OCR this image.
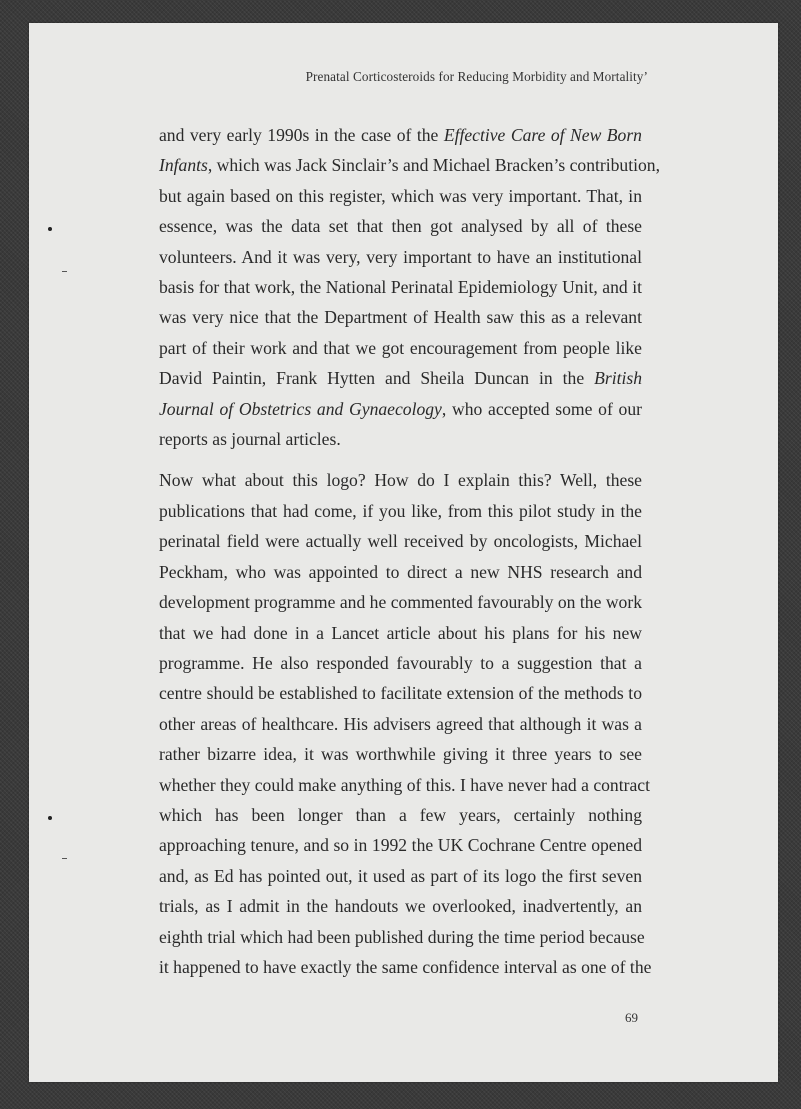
Prenatal Corticosteroids for Reducing Morbidity and Mortality’
and very early 1990s in the case of the Effective Care of New Born
Infants, which was Jack Sinclair’s and Michael Bracken’s contribution,
but again based on this register, which was very important. That, in
essence, was the data set that then got analysed by all of these
volunteers. And it was very, very important to have an institutional
basis for that work, the National Perinatal Epidemiology Unit, and it
was very nice that the Department of Health saw this as a relevant
part of their work and that we got encouragement from people like
David Paintin, Frank Hytten and Sheila Duncan in the British
Journal of Obstetrics and Gynaecology, who accepted some of our
reports as journal articles.
Now what about this logo? How do I explain this? Well, these
publications that had come, if you like, from this pilot study in the
perinatal field were actually well received by oncologists, Michael
Peckham, who was appointed to direct a new NHS research and
development programme and he commented favourably on the work
that we had done in a Lancet article about his plans for his new
programme. He also responded favourably to a suggestion that a
centre should be established to facilitate extension of the methods to
other areas of healthcare. His advisers agreed that although it was a
rather bizarre idea, it was worthwhile giving it three years to see
whether they could make anything of this. I have never had a contract
which has been longer than a few years, certainly nothing
approaching tenure, and so in 1992 the UK Cochrane Centre opened
and, as Ed has pointed out, it used as part of its logo the first seven
trials, as I admit in the handouts we overlooked, inadvertently, an
eighth trial which had been published during the time period because
it happened to have exactly the same confidence interval as one of the
69
